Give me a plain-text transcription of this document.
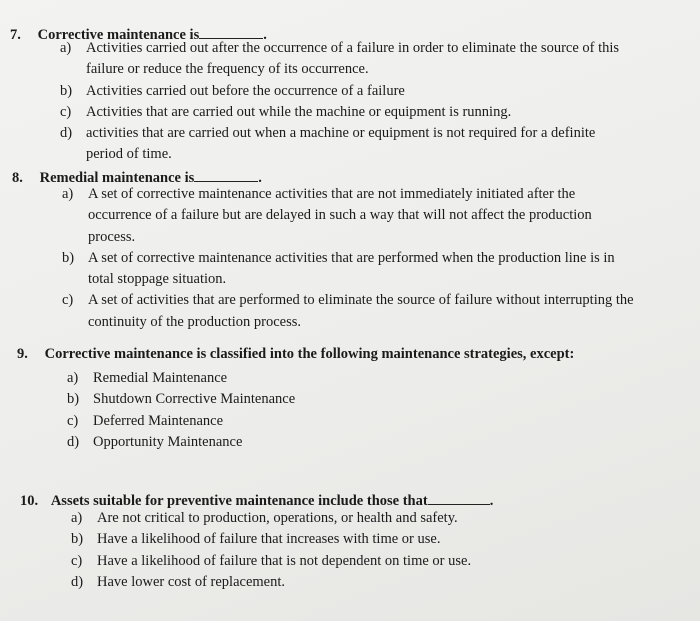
7. Corrective maintenance is	.
a)	Activities carried out after the occurrence of a failure in order to eliminate the source of this failure or reduce the frequency of its occurrence.
b) Activities carried out before the occurrence of a failure
c)	Activities that are carried out while the machine or equipment is running.
d) activities that are carried out when a machine or equipment is not required for a definite period of time.
8. Remedial maintenance is	.
a)	A set of corrective maintenance activities that are not immediately initiated after the occurrence of a failure but are delayed in such a way that will not affect the production process.
b) A set of corrective maintenance activities that are performed when the production line is in total stoppage situation.
c)	A set of activities that are performed to eliminate the source of failure without interrupting the continuity of the production process.
9. Corrective maintenance is classified into the following maintenance strategies, except:
a)	Remedial Maintenance
b) Shutdown Corrective Maintenance
c)	Deferred Maintenance
d) Opportunity Maintenance
10. Assets suitable for preventive maintenance include those that	.
a)	Are not critical to production, operations, or health and safety.
b) Have a likelihood of failure that increases with time or use.
c)	Have a likelihood of failure that is not dependent on time or use.
d) Have lower cost of replacement.
